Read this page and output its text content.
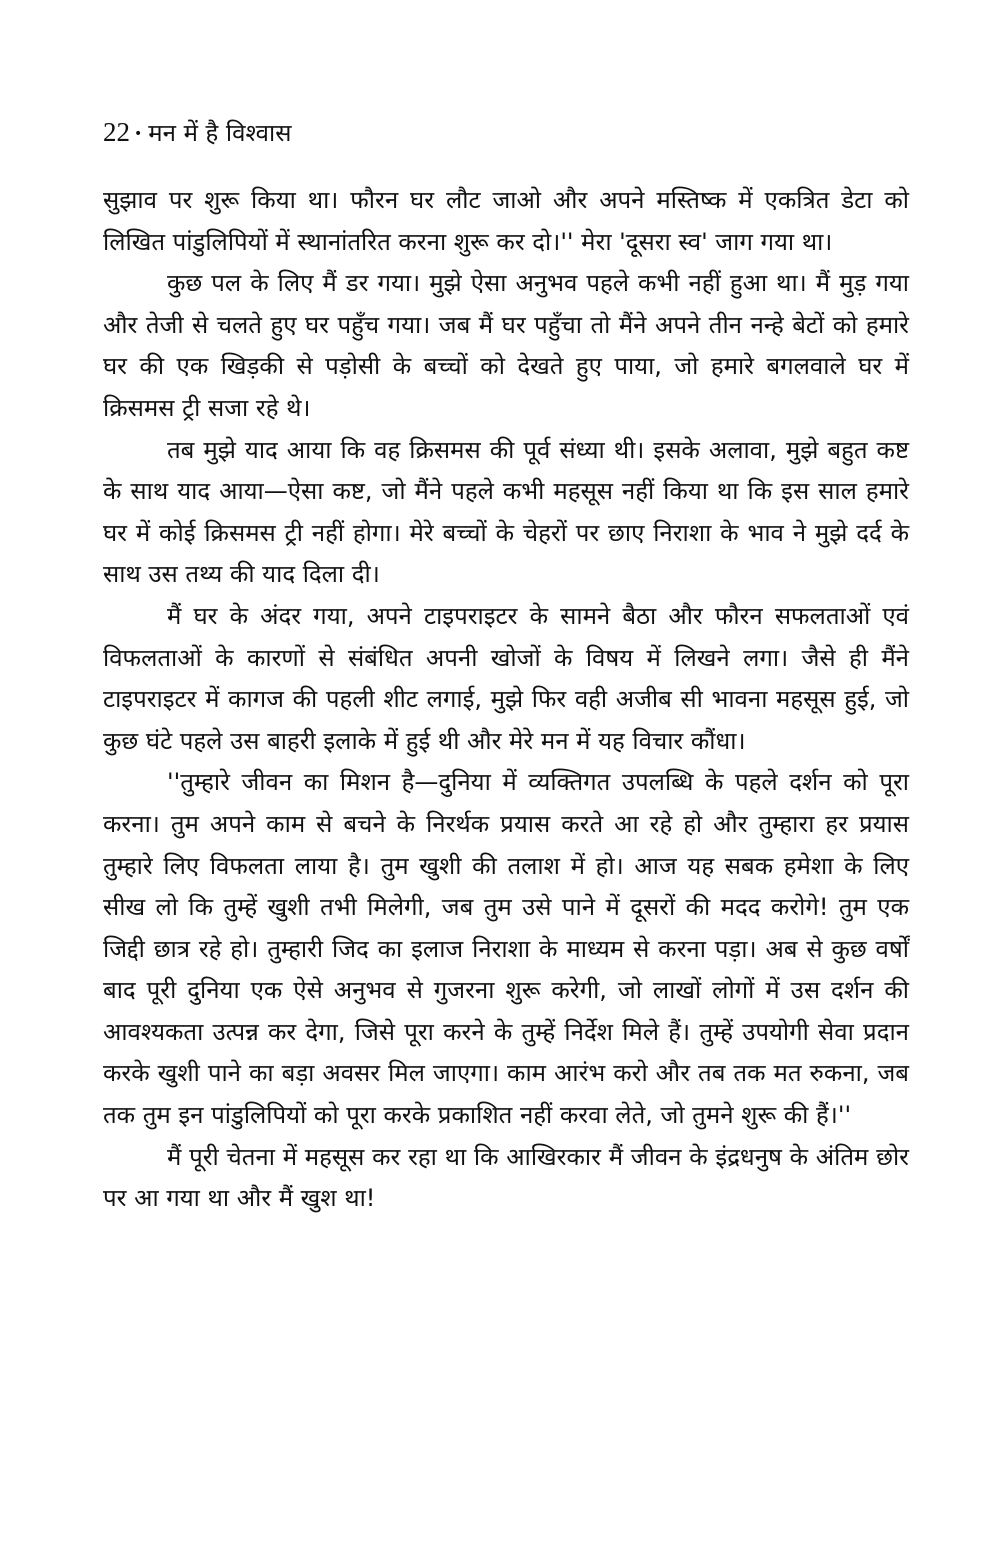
22 • मन में है विश्वास

सुझाव पर शुरू किया था। फौरन घर लौट जाओ और अपने मस्तिष्क में एकत्रित डेटा को लिखित पांडुलिपियों में स्थानांतरित करना शुरू कर दो।'' मेरा 'दूसरा स्व' जाग गया था।

कुछ पल के लिए मैं डर गया। मुझे ऐसा अनुभव पहले कभी नहीं हुआ था। मैं मुड़ गया और तेजी से चलते हुए घर पहुँच गया। जब मैं घर पहुँचा तो मैंने अपने तीन नन्हे बेटों को हमारे घर की एक खिड़की से पड़ोसी के बच्चों को देखते हुए पाया, जो हमारे बगलवाले घर में क्रिसमस ट्री सजा रहे थे।

तब मुझे याद आया कि वह क्रिसमस की पूर्व संध्या थी। इसके अलावा, मुझे बहुत कष्ट के साथ याद आया—ऐसा कष्ट, जो मैंने पहले कभी महसूस नहीं किया था कि इस साल हमारे घर में कोई क्रिसमस ट्री नहीं होगा। मेरे बच्चों के चेहरों पर छाए निराशा के भाव ने मुझे दर्द के साथ उस तथ्य की याद दिला दी।

मैं घर के अंदर गया, अपने टाइपराइटर के सामने बैठा और फौरन सफलताओं एवं विफलताओं के कारणों से संबंधित अपनी खोजों के विषय में लिखने लगा। जैसे ही मैंने टाइपराइटर में कागज की पहली शीट लगाई, मुझे फिर वही अजीब सी भावना महसूस हुई, जो कुछ घंटे पहले उस बाहरी इलाके में हुई थी और मेरे मन में यह विचार कौंधा।

''तुम्हारे जीवन का मिशन है—दुनिया में व्यक्तिगत उपलब्धि के पहले दर्शन को पूरा करना। तुम अपने काम से बचने के निरर्थक प्रयास करते आ रहे हो और तुम्हारा हर प्रयास तुम्हारे लिए विफलता लाया है। तुम खुशी की तलाश में हो। आज यह सबक हमेशा के लिए सीख लो कि तुम्हें खुशी तभी मिलेगी, जब तुम उसे पाने में दूसरों की मदद करोगे! तुम एक जिद्दी छात्र रहे हो। तुम्हारी जिद का इलाज निराशा के माध्यम से करना पड़ा। अब से कुछ वर्षों बाद पूरी दुनिया एक ऐसे अनुभव से गुजरना शुरू करेगी, जो लाखों लोगों में उस दर्शन की आवश्यकता उत्पन्न कर देगा, जिसे पूरा करने के तुम्हें निर्देश मिले हैं। तुम्हें उपयोगी सेवा प्रदान करके खुशी पाने का बड़ा अवसर मिल जाएगा। काम आरंभ करो और तब तक मत रुकना, जब तक तुम इन पांडुलिपियों को पूरा करके प्रकाशित नहीं करवा लेते, जो तुमने शुरू की हैं।''

मैं पूरी चेतना में महसूस कर रहा था कि आखिरकार मैं जीवन के इंद्रधनुष के अंतिम छोर पर आ गया था और मैं खुश था!
